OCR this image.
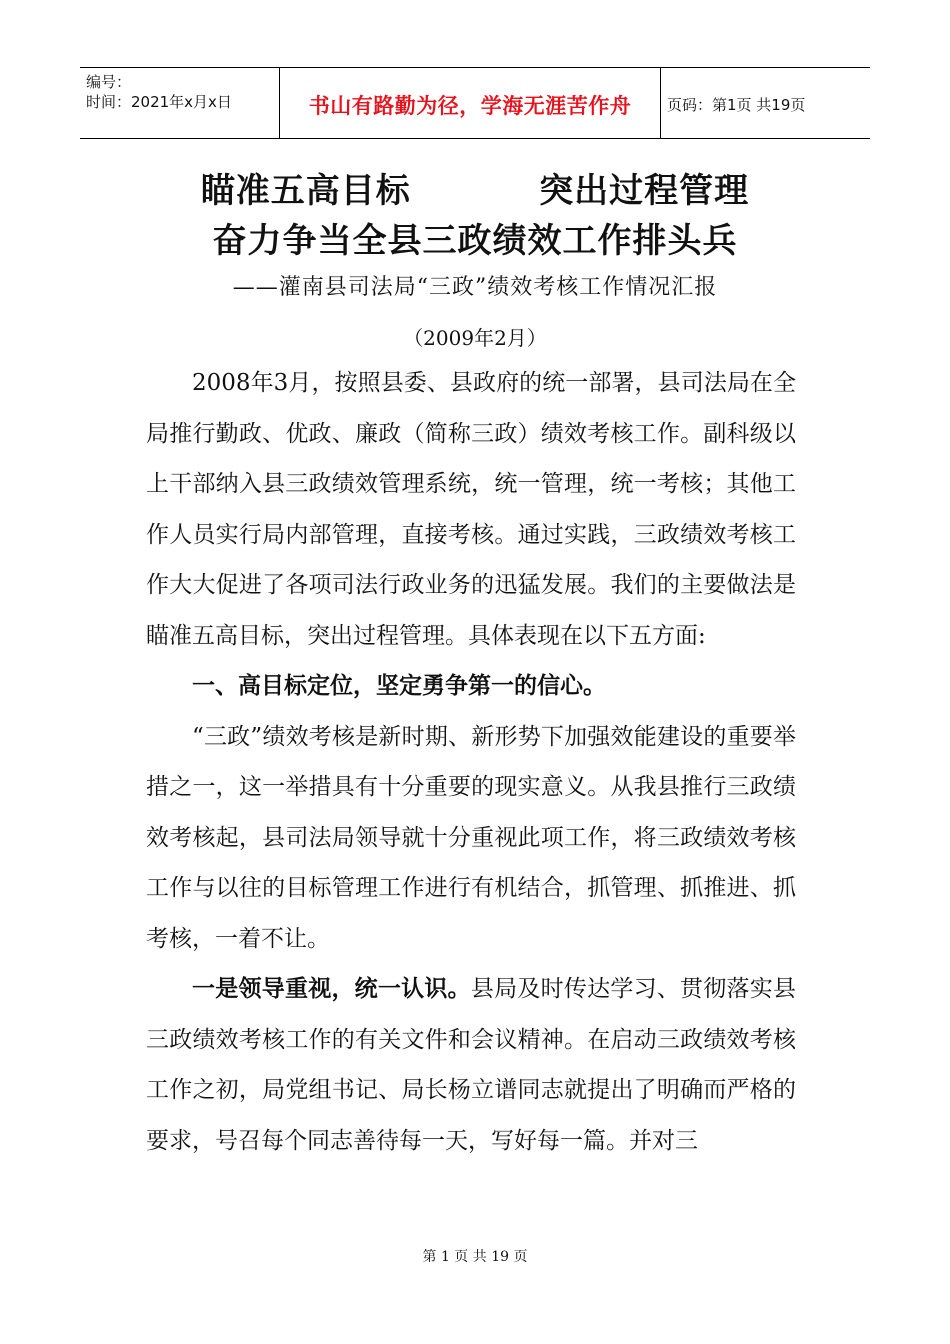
编号：
时间：2021年x月x日	书山有路勤为径，学海无涯苦作舟	页码：第1页 共19页
瞄准五高目标          突出过程管理
奋力争当全县三政绩效工作排头兵
——灌南县司法局“三政”绩效考核工作情况汇报
（2009年2月）

2008年3月，按照县委、县政府的统一部署，县司法局在全局推行勤政、优政、廉政（简称三政）绩效考核工作。副科级以上干部纳入县三政绩效管理系统，统一管理，统一考核；其他工作人员实行局内部管理，直接考核。通过实践，三政绩效考核工作大大促进了各项司法行政业务的迅猛发展。我们的主要做法是瞄准五高目标，突出过程管理。具体表现在以下五方面:

一、高目标定位，坚定勇争第一的信心。

“三政”绩效考核是新时期、新形势下加强效能建设的重要举措之一，这一举措具有十分重要的现实意义。从我县推行三政绩效考核起，县司法局领导就十分重视此项工作，将三政绩效考核工作与以往的目标管理工作进行有机结合，抓管理、抓推进、抓考核，一着不让。

一是领导重视，统一认识。县局及时传达学习、贯彻落实县三政绩效考核工作的有关文件和会议精神。在启动三政绩效考核工作之初，局党组书记、局长杨立谱同志就提出了明确而严格的要求，号召每个同志善待每一天，写好每一篇。并对三

第 1 页 共 19 页
